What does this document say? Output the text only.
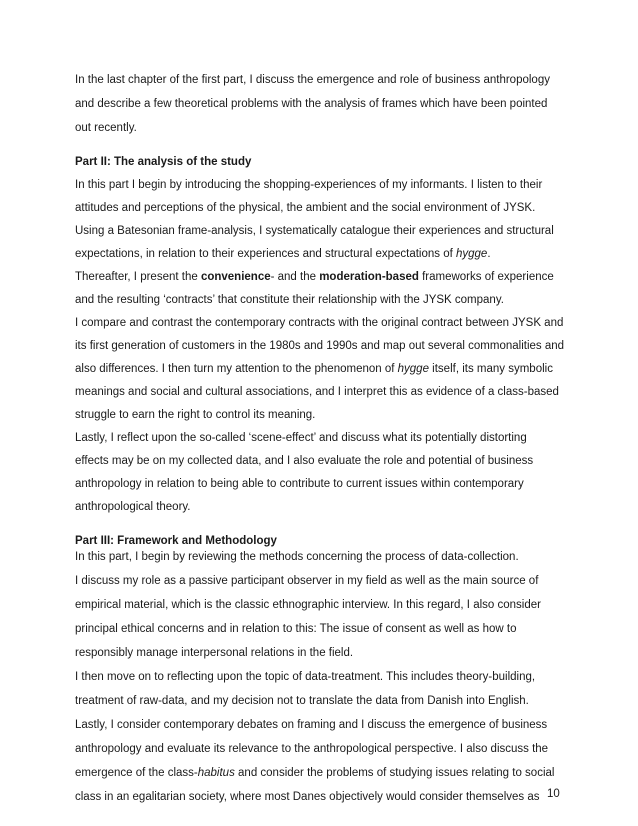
In the last chapter of the first part, I discuss the emergence and role of business anthropology
and describe a few theoretical problems with the analysis of frames which have been pointed
out recently.
Part II: The analysis of the study
In this part I begin by introducing the shopping-experiences of my informants. I listen to their
attitudes and perceptions of the physical, the ambient and the social environment of JYSK.
Using a Batesonian frame-analysis, I systematically catalogue their experiences and structural
expectations, in relation to their experiences and structural expectations of hygge.
Thereafter, I present the convenience- and the moderation-based frameworks of experience
and the resulting ‘contracts’ that constitute their relationship with the JYSK company.
I compare and contrast the contemporary contracts with the original contract between JYSK and
its first generation of customers in the 1980s and 1990s and map out several commonalities and
also differences. I then turn my attention to the phenomenon of hygge itself, its many symbolic
meanings and social and cultural associations, and I interpret this as evidence of a class-based
struggle to earn the right to control its meaning.
Lastly, I reflect upon the so-called ‘scene-effect’ and discuss what its potentially distorting
effects may be on my collected data, and I also evaluate the role and potential of business
anthropology in relation to being able to contribute to current issues within contemporary
anthropological theory.
Part III: Framework and Methodology
In this part, I begin by reviewing the methods concerning the process of data-collection.
I discuss my role as a passive participant observer in my field as well as the main source of
empirical material, which is the classic ethnographic interview. In this regard, I also consider
principal ethical concerns and in relation to this: The issue of consent as well as how to
responsibly manage interpersonal relations in the field.
I then move on to reflecting upon the topic of data-treatment. This includes theory-building,
treatment of raw-data, and my decision not to translate the data from Danish into English.
Lastly, I consider contemporary debates on framing and I discuss the emergence of business
anthropology and evaluate its relevance to the anthropological perspective. I also discuss the
emergence of the class-habitus and consider the problems of studying issues relating to social
class in an egalitarian society, where most Danes objectively would consider themselves as 10
